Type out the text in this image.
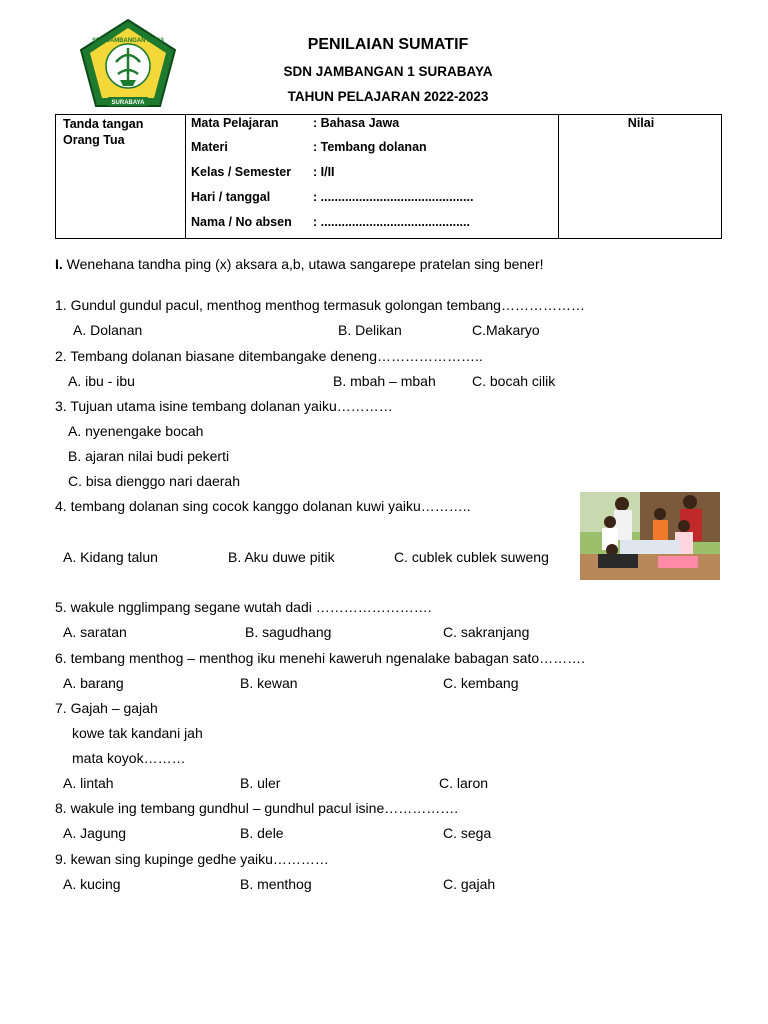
SDN JAMBANGAN I / 413
SURABAYA
PENILAIAN SUMATIF
SDN JAMBANGAN 1 SURABAYA
TAHUN PELAJARAN 2022-2023
Tanda tangan
Orang Tua
Mata Pelajaran	: Bahasa Jawa
Materi	: Tembang dolanan
Kelas / Semester : I/II
Hari / tanggal	: ............................................
Nama / No absen : ...........................................
Nilai
I. Wenehana tandha ping (x) aksara a,b, utawa sangarepe pratelan sing bener!
1. Gundul gundul pacul, menthog menthog termasuk golongan tembang………………
A. Dolanan	B. Delikan	C.Makaryo
2. Tembang dolanan biasane ditembangake deneng…………………..
A. ibu - ibu	B. mbah – mbah	C. bocah cilik
3. Tujuan utama isine tembang dolanan yaiku…………
A. nyenengake bocah
B. ajaran nilai budi pekerti
C. bisa dienggo nari daerah
4. tembang dolanan sing cocok kanggo dolanan kuwi yaiku………..
A. Kidang talun	B. Aku duwe pitik	C. cublek cublek suweng
5. wakule ngglimpang segane wutah dadi …………………….
A. saratan	B. sagudhang	C. sakranjang
6. tembang menthog – menthog iku menehi kaweruh ngenalake babagan sato……….
A. barang	B. kewan	C. kembang
7. Gajah – gajah
kowe tak kandani jah
mata koyok………
A. lintah	B. uler	C. laron
8. wakule ing tembang gundhul – gundhul pacul isine…………….
A. Jagung	B. dele	C. sega
9. kewan sing kupinge gedhe yaiku…………
A. kucing	B. menthog	C. gajah
